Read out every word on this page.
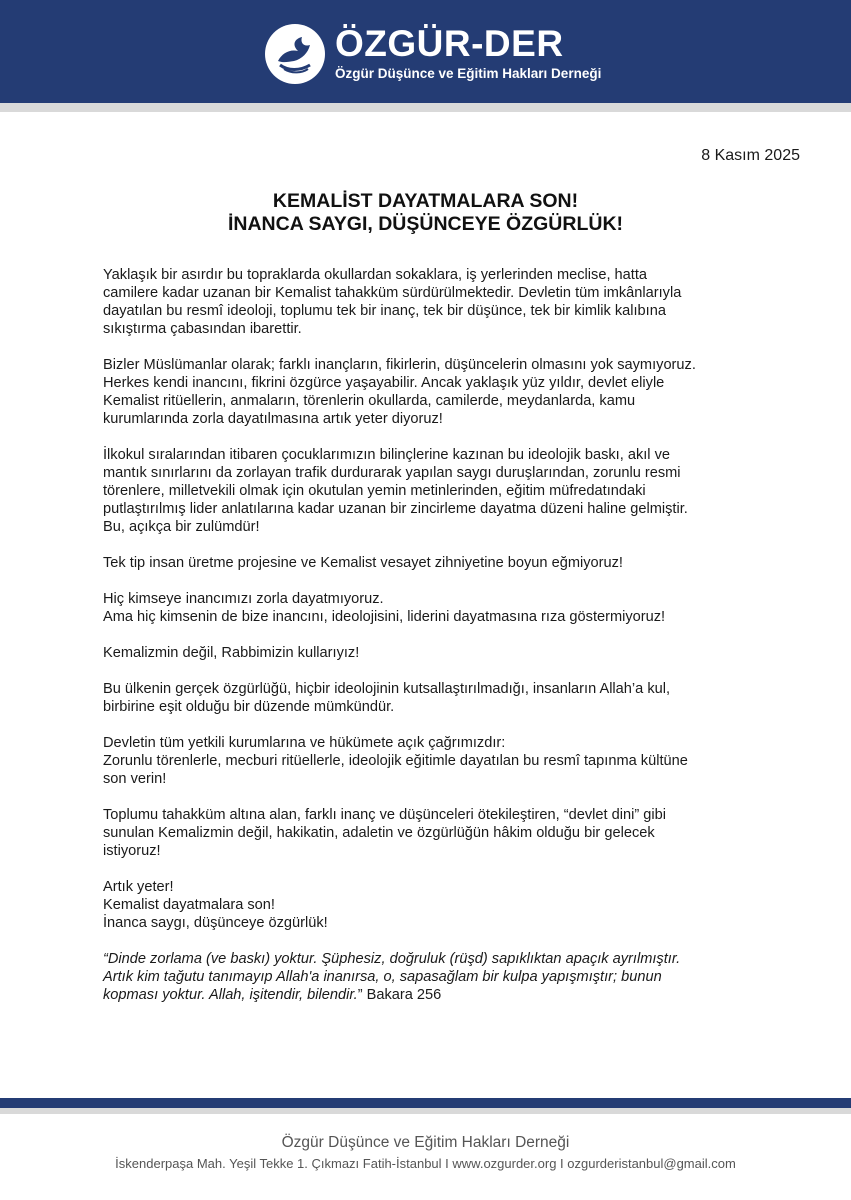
ÖZGÜR-DER
Özgür Düşünce ve Eğitim Hakları Derneği
8 Kasım 2025
KEMALİST DAYATMALARA SON!
İNANCA SAYGI, DÜŞÜNCEYE ÖZGÜRLÜK!

Yaklaşık bir asırdır bu topraklarda okullardan sokaklara, iş yerlerinden meclise, hatta
camilere kadar uzanan bir Kemalist tahakküm sürdürülmektedir. Devletin tüm imkânlarıyla
dayatılan bu resmî ideoloji, toplumu tek bir inanç, tek bir düşünce, tek bir kimlik kalıbına
sıkıştırma çabasından ibarettir.

Bizler Müslümanlar olarak; farklı inançların, fikirlerin, düşüncelerin olmasını yok saymıyoruz.
Herkes kendi inancını, fikrini özgürce yaşayabilir. Ancak yaklaşık yüz yıldır, devlet eliyle
Kemalist ritüellerin, anmaların, törenlerin okullarda, camilerde, meydanlarda, kamu
kurumlarında zorla dayatılmasına artık yeter diyoruz!

İlkokul sıralarından itibaren çocuklarımızın bilinçlerine kazınan bu ideolojik baskı, akıl ve
mantık sınırlarını da zorlayan trafik durdurarak yapılan saygı duruşlarından, zorunlu resmi
törenlere, milletvekili olmak için okutulan yemin metinlerinden, eğitim müfredatındaki
putlaştırılmış lider anlatılarına kadar uzanan bir zincirleme dayatma düzeni haline gelmiştir.
Bu, açıkça bir zulümdür!

Tek tip insan üretme projesine ve Kemalist vesayet zihniyetine boyun eğmiyoruz!

Hiç kimseye inancımızı zorla dayatmıyoruz.
Ama hiç kimsenin de bize inancını, ideolojisini, liderini dayatmasına rıza göstermiyoruz!

Kemalizmin değil, Rabbimizin kullarıyız!

Bu ülkenin gerçek özgürlüğü, hiçbir ideolojinin kutsallaştırılmadığı, insanların Allah’a kul,
birbirine eşit olduğu bir düzende mümkündür.

Devletin tüm yetkili kurumlarına ve hükümete açık çağrımızdır:
Zorunlu törenlerle, mecburi ritüellerle, ideolojik eğitimle dayatılan bu resmî tapınma kültüne
son verin!

Toplumu tahakküm altına alan, farklı inanç ve düşünceleri ötekileştiren, “devlet dini” gibi
sunulan Kemalizmin değil, hakikatin, adaletin ve özgürlüğün hâkim olduğu bir gelecek
istiyoruz!

Artık yeter!
Kemalist dayatmalara son!
İnanca saygı, düşünceye özgürlük!

“Dinde zorlama (ve baskı) yoktur. Şüphesiz, doğruluk (rüşd) sapıklıktan apaçık ayrılmıştır.
Artık kim tağutu tanımayıp Allah'a inanırsa, o, sapasağlam bir kulpa yapışmıştır; bunun
kopması yoktur. Allah, işitendir, bilendir.” Bakara 256

Özgür Düşünce ve Eğitim Hakları Derneği
İskenderpaşa Mah. Yeşil Tekke 1. Çıkmazı Fatih-İstanbul I www.ozgurder.org I ozgurderistanbul@gmail.com
